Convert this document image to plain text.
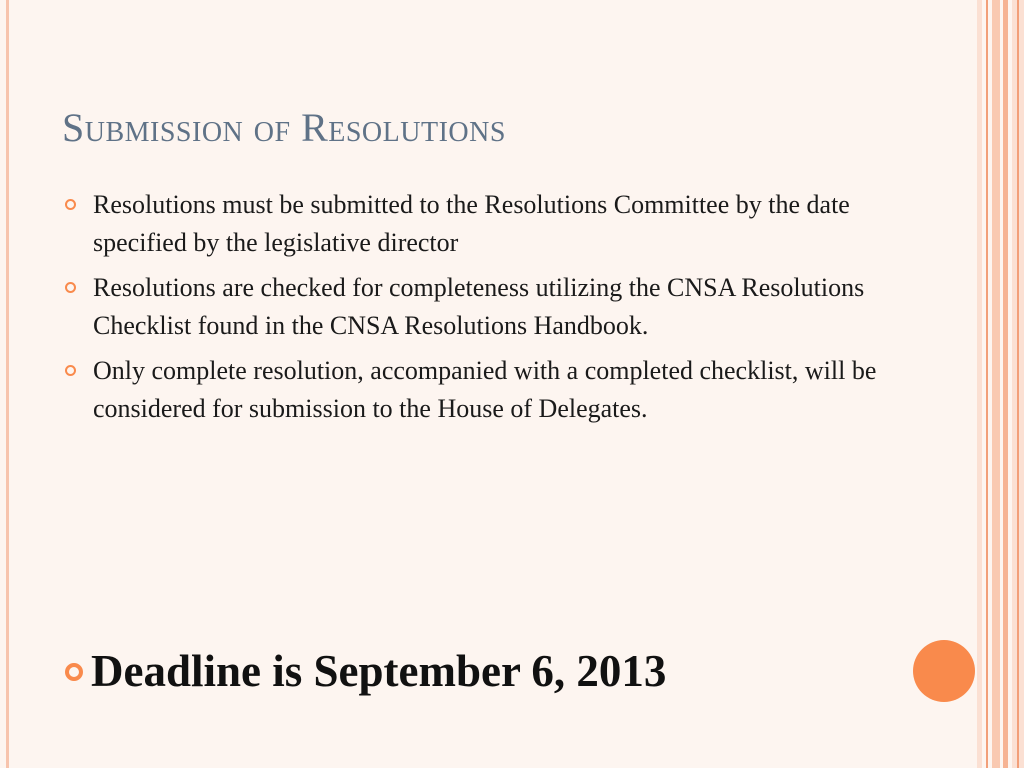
Submission of Resolutions
Resolutions must be submitted to the Resolutions Committee by the date specified by the legislative director
Resolutions are checked for completeness utilizing the CNSA Resolutions Checklist found in the CNSA Resolutions Handbook.
Only complete resolution, accompanied with a completed checklist, will be considered for submission to the House of Delegates.
Deadline is September 6, 2013
